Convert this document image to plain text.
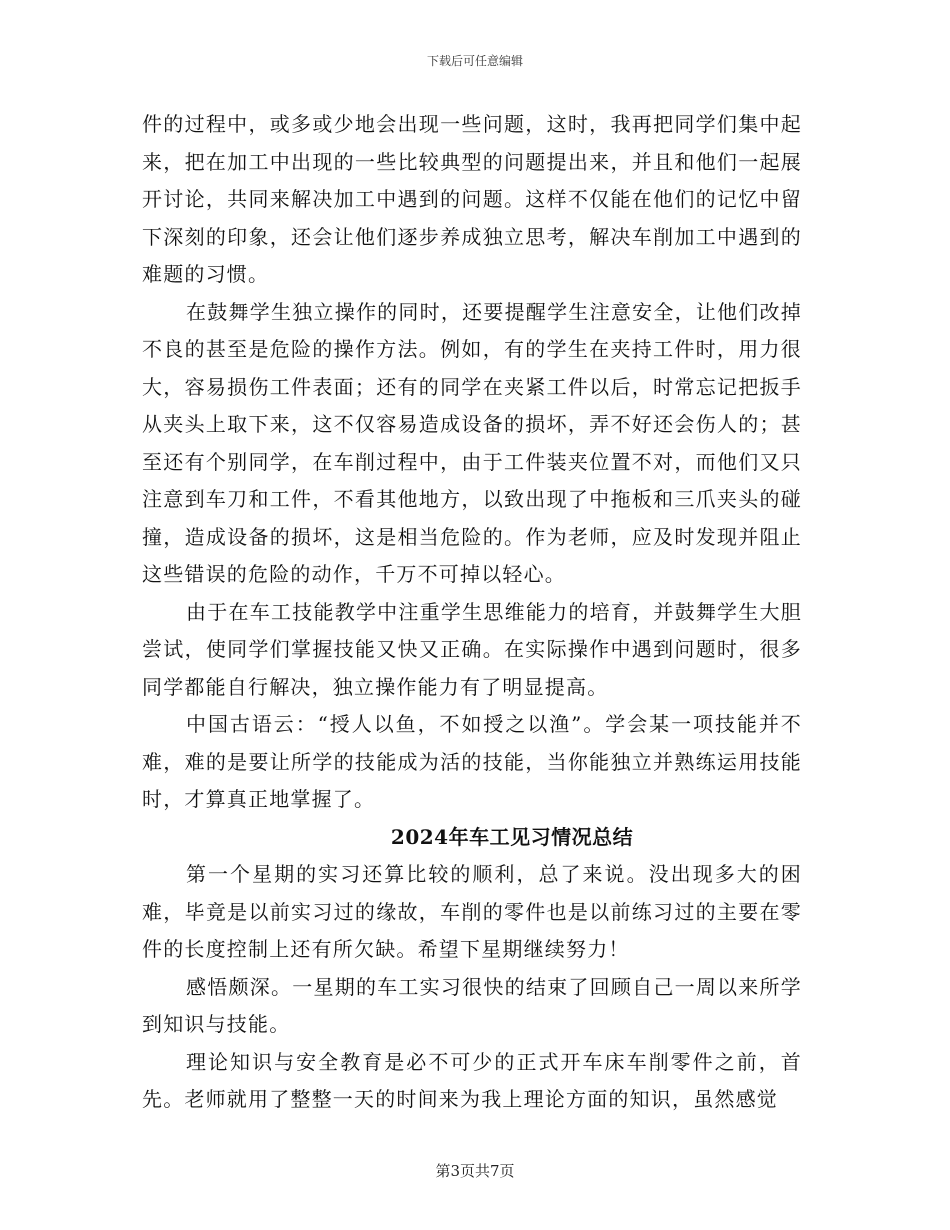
下载后可任意编辑

件的过程中，或多或少地会出现一些问题，这时，我再把同学们集中起来，把在加工中出现的一些比较典型的问题提出来，并且和他们一起展开讨论，共同来解决加工中遇到的问题。这样不仅能在他们的记忆中留下深刻的印象，还会让他们逐步养成独立思考，解决车削加工中遇到的难题的习惯。

在鼓舞学生独立操作的同时，还要提醒学生注意安全，让他们改掉不良的甚至是危险的操作方法。例如，有的学生在夹持工件时，用力很大，容易损伤工件表面；还有的同学在夹紧工件以后，时常忘记把扳手从夹头上取下来，这不仅容易造成设备的损坏，弄不好还会伤人的；甚至还有个别同学，在车削过程中，由于工件装夹位置不对，而他们又只注意到车刀和工件，不看其他地方，以致出现了中拖板和三爪夹头的碰撞，造成设备的损坏，这是相当危险的。作为老师，应及时发现并阻止这些错误的危险的动作，千万不可掉以轻心。

由于在车工技能教学中注重学生思维能力的培育，并鼓舞学生大胆尝试，使同学们掌握技能又快又正确。在实际操作中遇到问题时，很多同学都能自行解决，独立操作能力有了明显提高。

中国古语云：“授人以鱼，不如授之以渔”。学会某一项技能并不难，难的是要让所学的技能成为活的技能，当你能独立并熟练运用技能时，才算真正地掌握了。

2024年车工见习情况总结

第一个星期的实习还算比较的顺利，总了来说。没出现多大的困难，毕竟是以前实习过的缘故，车削的零件也是以前练习过的主要在零件的长度控制上还有所欠缺。希望下星期继续努力！

感悟颇深。一星期的车工实习很快的结束了回顾自己一周以来所学到知识与技能。

理论知识与安全教育是必不可少的正式开车床车削零件之前，首先。老师就用了整整一天的时间来为我上理论方面的知识，虽然感觉

第3页共7页
